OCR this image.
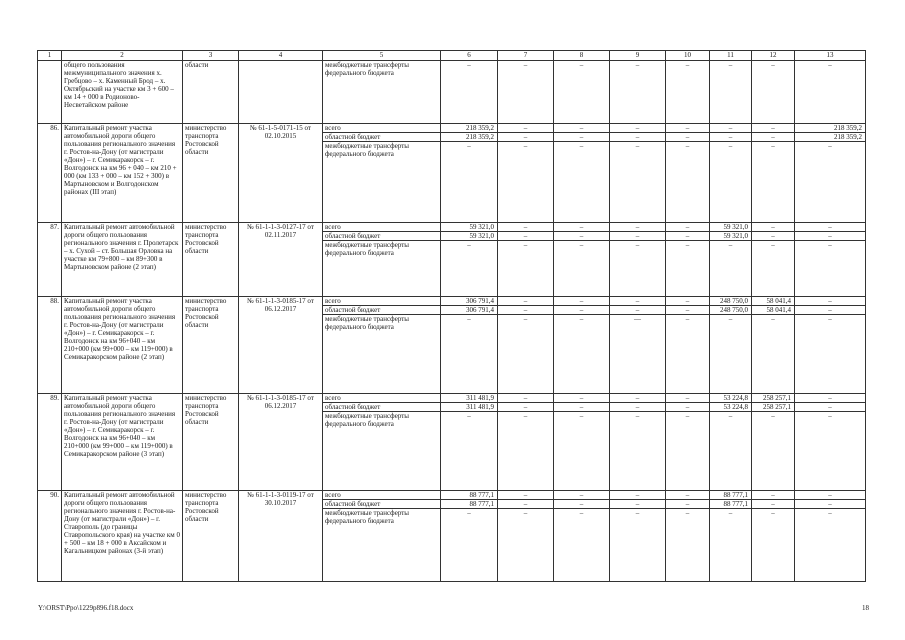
1	2	3	4	5	6	7	8	9	10	11	12	13
	общего пользования межмуниципального значения х. Гребцово – х. Каменный Брод – х. Октябрьский на участке км 3 + 600 – км 14 + 000 в Родионово-Несветайском районе	области		межбюджетные трансферты федерального бюджета	–	–	–	–	–	–	–	–
86.	Капитальный ремонт участка автомобильной дороги общего пользования регионального значения г. Ростов-на-Дону (от магистрали «Дон») – г. Семикаракорск – г. Волгодонск на км 96 + 040 – км 210 + 000 (км 133 + 000 – км 152 + 300) в Мартыновском и Волгодонском районах (III этап)	министерство транспорта Ростовской области	№ 61-1-5-0171-15 от 02.10.2015	всего	218 359,2	–	–	–	–	–	–	218 359,2
				областной бюджет	218 359,2	–	–	–	–	–	–	218 359,2
				межбюджетные трансферты федерального бюджета	–	–	–	–	–	–	–	–
87.	Капитальный ремонт автомобильной дороги общего пользования регионального значения г. Пролетарск – х. Сухой – ст. Большая Орловка на участке км 79+800 – км 89+300 в Мартыновском районе (2 этап)	министерство транспорта Ростовской области	№ 61-1-1-3-0127-17 от 02.11.2017	всего	59 321,0	–	–	–	–	59 321,0	–	–
				областной бюджет	59 321,0	–	–	–	–	59 321,0	–	–
				межбюджетные трансферты федерального бюджета	–	–	–	–	–	–	–	–
88.	Капитальный ремонт участка автомобильной дороги общего пользования регионального значения г. Ростов-на-Дону (от магистрали «Дон») – г. Семикаракорск – г. Волгодонск на км 96+040 – км 210+000 (км 99+000 – км 119+000) в Семикаракорском районе (2 этап)	министерство транспорта Ростовской области	№ 61-1-1-3-0185-17 от 06.12.2017	всего	306 791,4	–	–	–	–	248 750,0	58 041,4	–
				областной бюджет	306 791,4	–	–	–	–	248 750,0	58 041,4	–
				межбюджетные трансферты федерального бюджета	–	–	–	—	–	–	–	–
89.	Капитальный ремонт участка автомобильной дороги общего пользования регионального значения г. Ростов-на-Дону (от магистрали «Дон») – г. Семикаракорск – г. Волгодонск на км 96+040 – км 210+000 (км 99+000 – км 119+000) в Семикаракорском районе (3 этап)	министерство транспорта Ростовской области	№ 61-1-1-3-0185-17 от 06.12.2017	всего	311 481,9	–	–	–	–	53 224,8	258 257,1	–
				областной бюджет	311 481,9	–	–	–	–	53 224,8	258 257,1	–
				межбюджетные трансферты федерального бюджета	–	–	–	–	–	–	–	–
90.	Капитальный ремонт автомобильной дороги общего пользования регионального значения г. Ростов-на-Дону (от магистрали «Дон») – г. Ставрополь (до границы Ставропольского края) на участке км 0 + 500 – км 18 + 000 в Аксайском и Кагальницком районах (3-й этап)	министерство транспорта Ростовской области	№ 61-1-1-3-0119-17 от 30.10.2017	всего	88 777,1	–	–	–	–	88 777,1	–	–
				областной бюджет	88 777,1	–	–	–	–	88 777,1	–	–
				межбюджетные трансферты федерального бюджета	–	–	–	–	–	–	–	–
Y:\ORST\Ppo\1229p896.f18.docx	18
